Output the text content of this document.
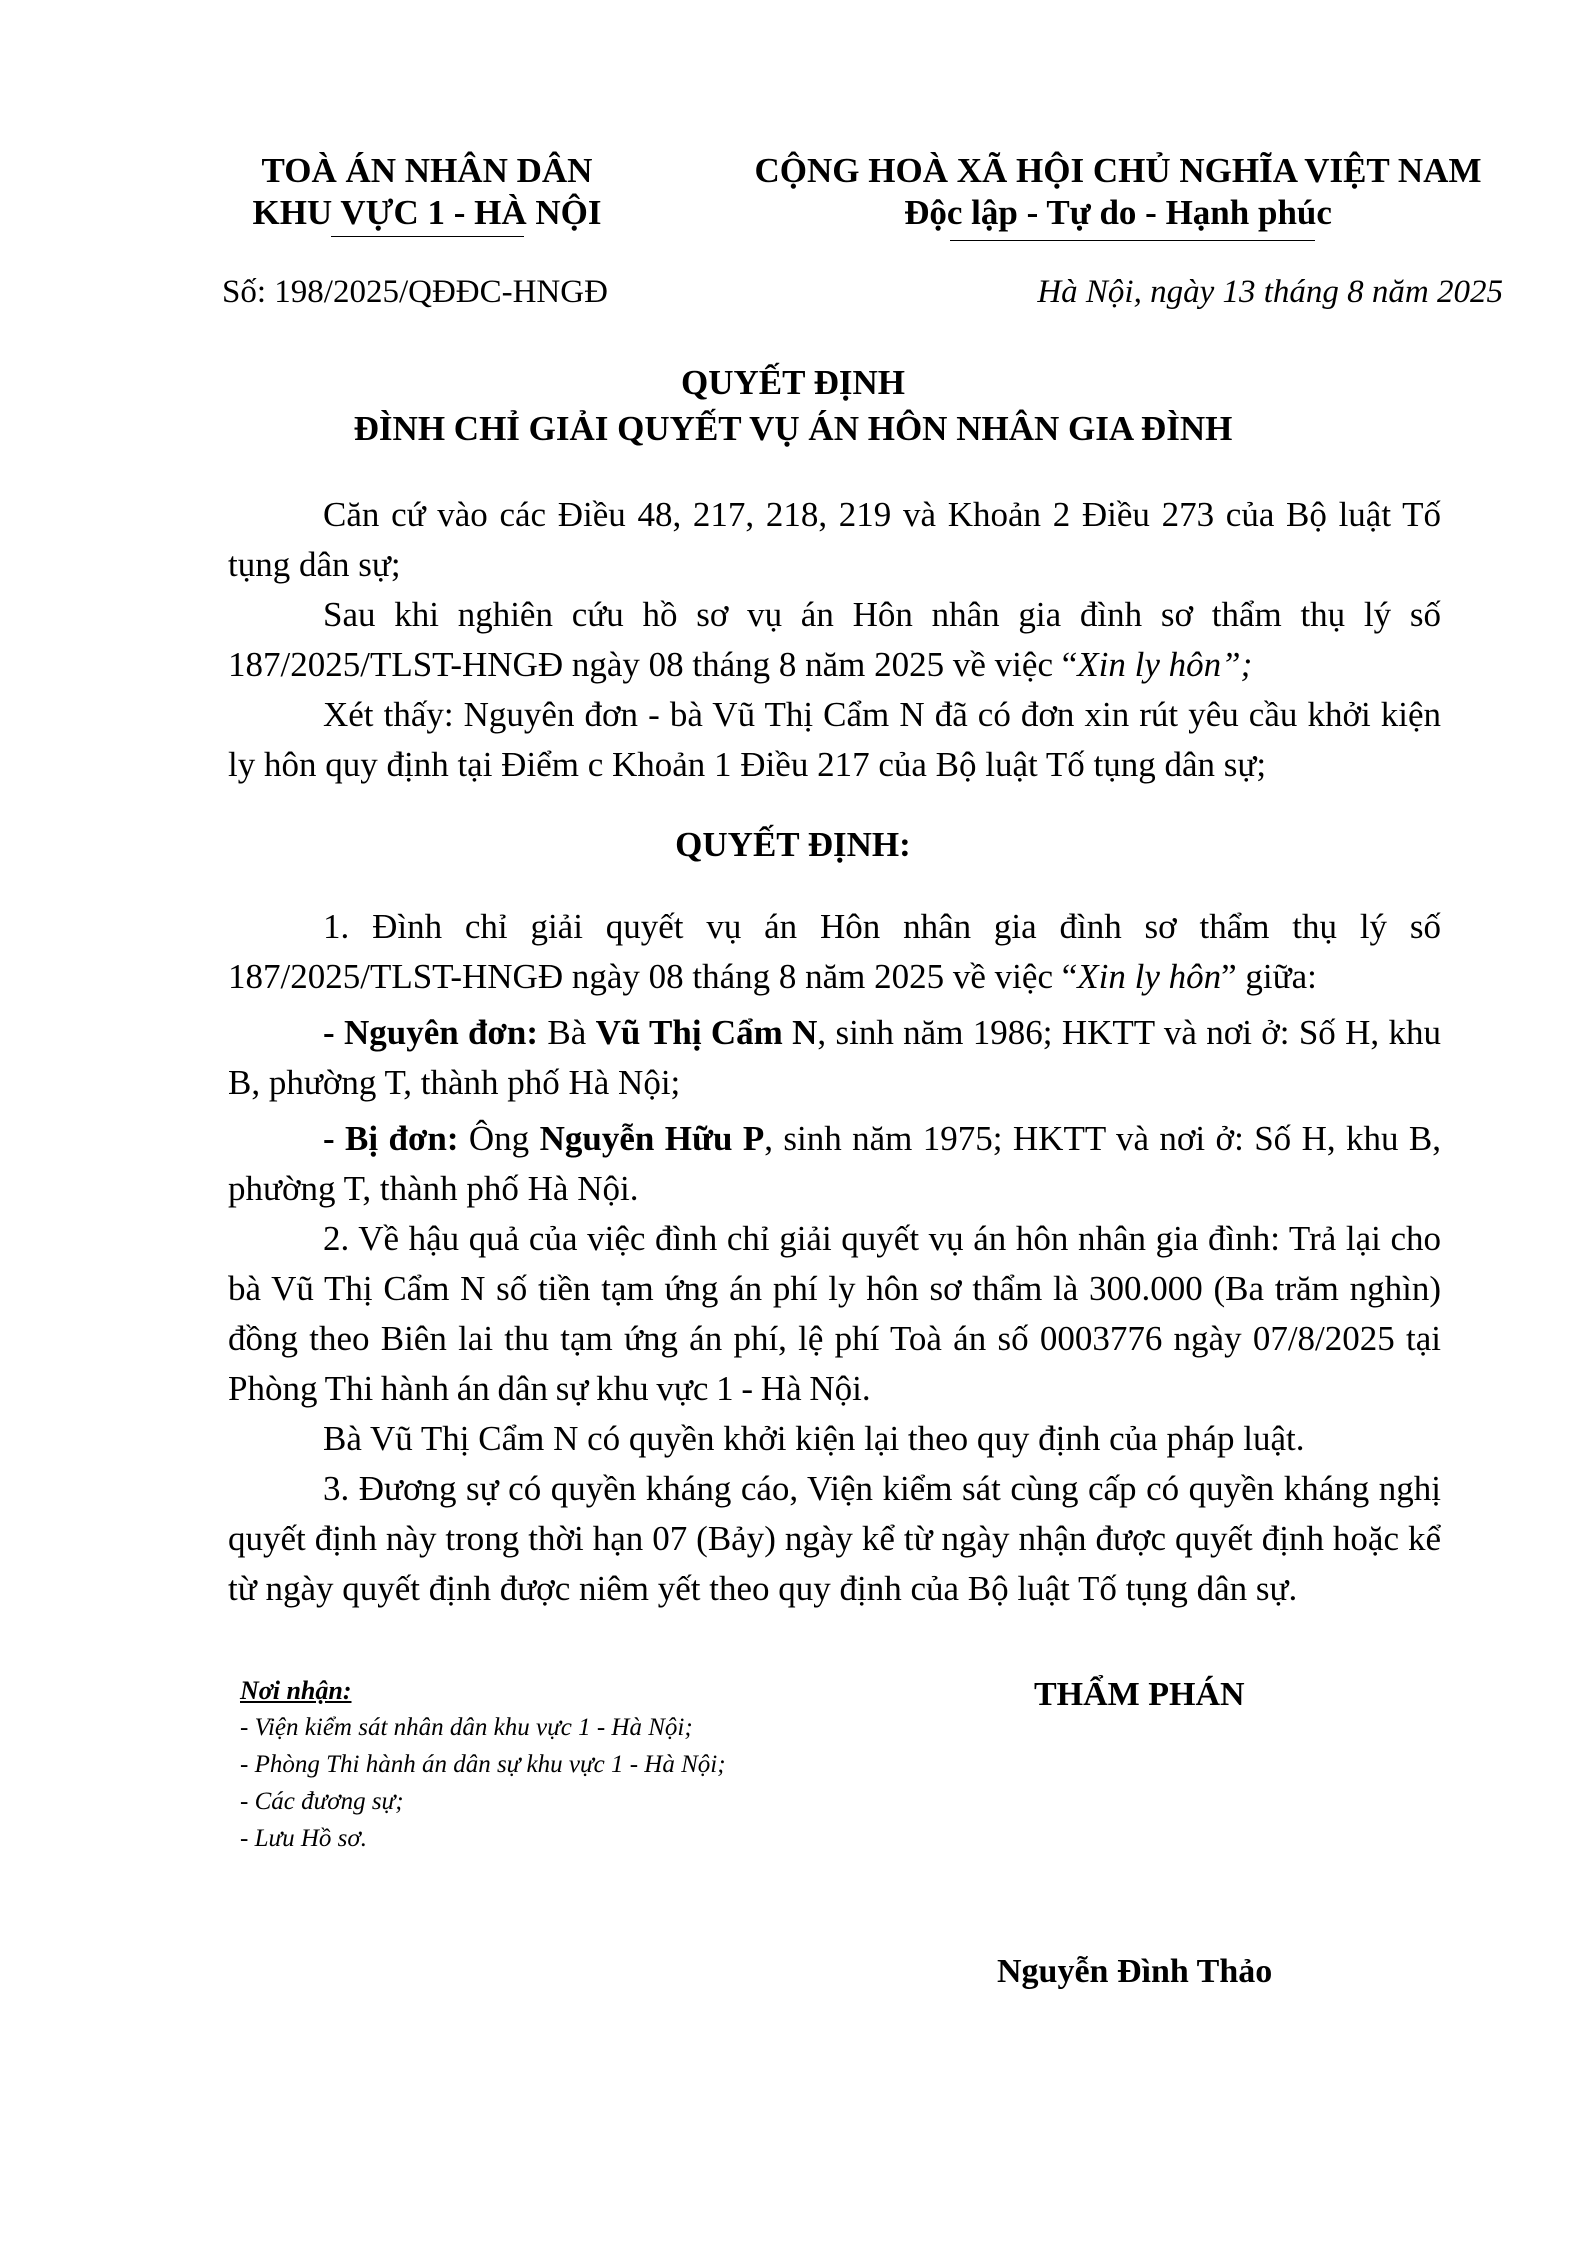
TOÀ ÁN NHÂN DÂN
KHU VỰC 1 - HÀ NỘI
CỘNG HOÀ XÃ HỘI CHỦ NGHĨA VIỆT NAM
Độc lập - Tự do - Hạnh phúc
Số: 198/2025/QĐĐC-HNGĐ	Hà Nội, ngày 13 tháng 8 năm 2025
QUYẾT ĐỊNH
ĐÌNH CHỈ GIẢI QUYẾT VỤ ÁN HÔN NHÂN GIA ĐÌNH

Căn cứ vào các Điều 48, 217, 218, 219 và Khoản 2 Điều 273 của Bộ luật Tố tụng dân sự;

Sau khi nghiên cứu hồ sơ vụ án Hôn nhân gia đình sơ thẩm thụ lý số 187/2025/TLST-HNGĐ ngày 08 tháng 8 năm 2025 về việc “Xin ly hôn”;

Xét thấy: Nguyên đơn - bà Vũ Thị Cẩm N đã có đơn xin rút yêu cầu khởi kiện ly hôn quy định tại Điểm c Khoản 1 Điều 217 của Bộ luật Tố tụng dân sự;

QUYẾT ĐỊNH:

1. Đình chỉ giải quyết vụ án Hôn nhân gia đình sơ thẩm thụ lý số 187/2025/TLST-HNGĐ ngày 08 tháng 8 năm 2025 về việc “Xin ly hôn” giữa:

- Nguyên đơn: Bà Vũ Thị Cẩm N, sinh năm 1986; HKTT và nơi ở: Số H, khu B, phường T, thành phố Hà Nội;

- Bị đơn: Ông Nguyễn Hữu P, sinh năm 1975; HKTT và nơi ở: Số H, khu B, phường T, thành phố Hà Nội.

2. Về hậu quả của việc đình chỉ giải quyết vụ án hôn nhân gia đình: Trả lại cho bà Vũ Thị Cẩm N số tiền tạm ứng án phí ly hôn sơ thẩm là 300.000 (Ba trăm nghìn) đồng theo Biên lai thu tạm ứng án phí, lệ phí Toà án số 0003776 ngày 07/8/2025 tại Phòng Thi hành án dân sự khu vực 1 - Hà Nội.

Bà Vũ Thị Cẩm N có quyền khởi kiện lại theo quy định của pháp luật.

3. Đương sự có quyền kháng cáo, Viện kiểm sát cùng cấp có quyền kháng nghị quyết định này trong thời hạn 07 (Bảy) ngày kể từ ngày nhận được quyết định hoặc kể từ ngày quyết định được niêm yết theo quy định của Bộ luật Tố tụng dân sự.

Nơi nhận:
- Viện kiểm sát nhân dân khu vực 1 - Hà Nội;
- Phòng Thi hành án dân sự khu vực 1 - Hà Nội;
- Các đương sự;
- Lưu Hồ sơ.
THẨM PHÁN
Nguyễn Đình Thảo
